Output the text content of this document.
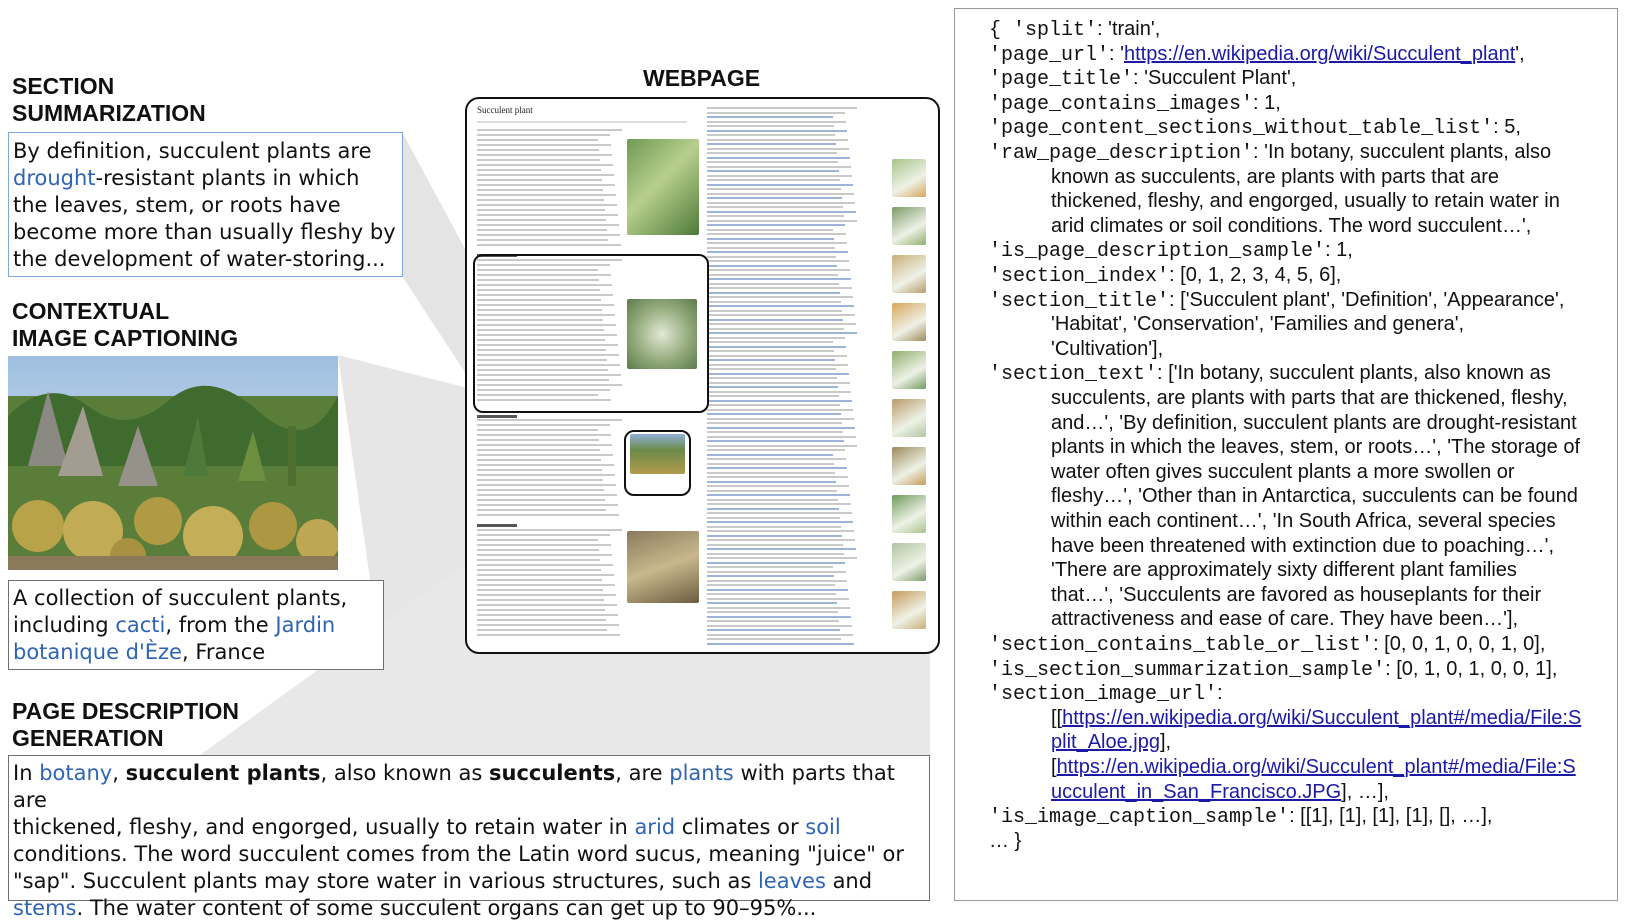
SECTION
SUMMARIZATION
CONTEXTUAL
IMAGE CAPTIONING
PAGE DESCRIPTION
GENERATION
WEBPAGE
By definition, succulent plants are
drought-resistant plants in which
the leaves, stem, or roots have
become more than usually fleshy by
the development of water-storing...
A collection of succulent plants,
including cacti, from the Jardin
botanique d'Èze, France
In botany, succulent plants, also known as succulents, are plants with parts that are
thickened, fleshy, and engorged, usually to retain water in arid climates or soil
conditions. The word succulent comes from the Latin word sucus, meaning "juice" or
"sap". Succulent plants may store water in various structures, such as leaves and
stems. The water content of some succulent organs can get up to 90–95%...
Succulent plant
{ 'split': 'train',
'page_url': 'https://en.wikipedia.org/wiki/Succulent_plant',
'page_title': 'Succulent Plant',
'page_contains_images': 1,
'page_content_sections_without_table_list': 5,
'raw_page_description': 'In botany, succulent plants, also
known as succulents, are plants with parts that are
thickened, fleshy, and engorged, usually to retain water in
arid climates or soil conditions. The word succulent…',
'is_page_description_sample': 1,
'section_index': [0, 1, 2, 3, 4, 5, 6],
'section_title': ['Succulent plant', 'Definition', 'Appearance',
'Habitat', 'Conservation', 'Families and genera',
'Cultivation'],
'section_text': ['In botany, succulent plants, also known as
succulents, are plants with parts that are thickened, fleshy,
and…', 'By definition, succulent plants are drought-resistant
plants in which the leaves, stem, or roots…', 'The storage of
water often gives succulent plants a more swollen or
fleshy…', 'Other than in Antarctica, succulents can be found
within each continent…', 'In South Africa, several species
have been threatened with extinction due to poaching…',
'There are approximately sixty different plant families
that…', 'Succulents are favored as houseplants for their
attractiveness and ease of care. They have been…'],
'section_contains_table_or_list': [0, 0, 1, 0, 0, 1, 0],
'is_section_summarization_sample': [0, 1, 0, 1, 0, 0, 1],
'section_image_url':
[[https://en.wikipedia.org/wiki/Succulent_plant#/media/File:S
plit_Aloe.jpg],
[https://en.wikipedia.org/wiki/Succulent_plant#/media/File:S
ucculent_in_San_Francisco.JPG], …],
'is_image_caption_sample': [[1], [1], [1], [1], [], …],
… }
